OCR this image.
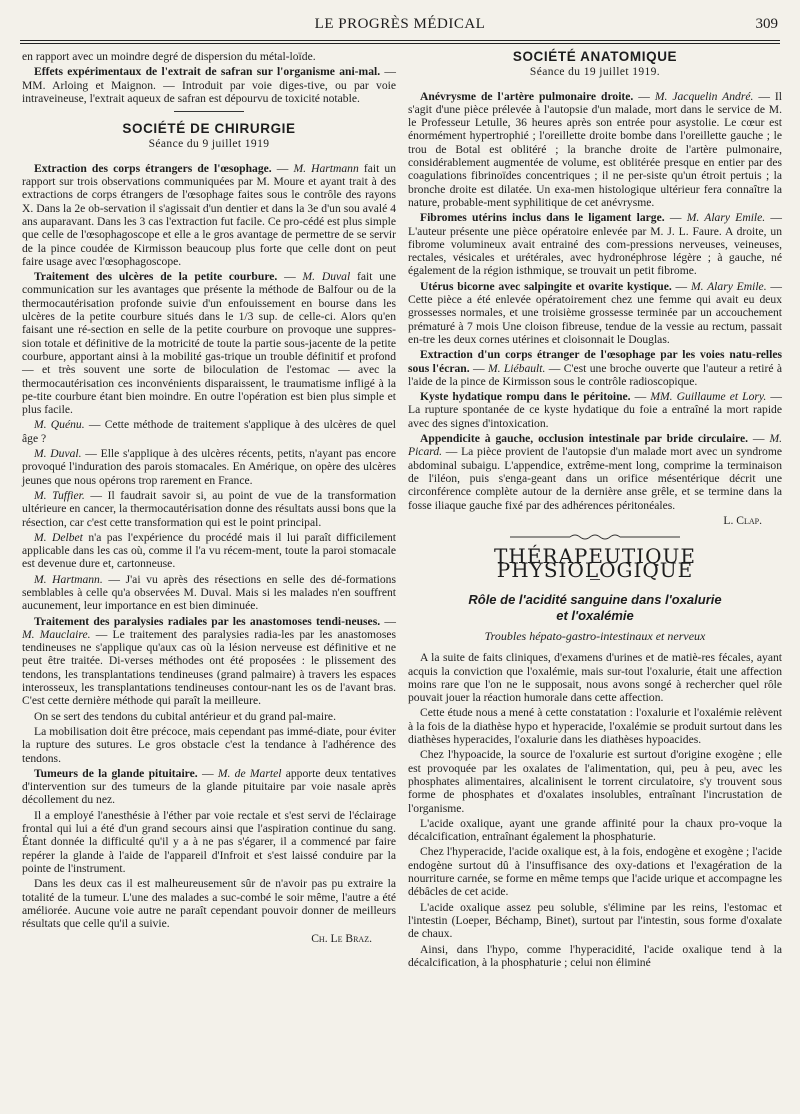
LE PROGRÈS MÉDICAL	309

en rapport avec un moindre degré de dispersion du métal-loïde.

Effets expérimentaux de l'extrait de safran sur l'organisme ani-mal. — MM. Arloing et Maignon. — Introduit par voie diges-tive, ou par voie intraveineuse, l'extrait aqueux de safran est dépourvu de toxicité notable.

SOCIÉTÉ DE CHIRURGIE
Séance du 9 juillet 1919

Extraction des corps étrangers de l'œsophage. — M. Hartmann fait un rapport sur trois observations communiquées par M. Moure et ayant trait à des extractions de corps étrangers de l'œsophage faites sous le contrôle des rayons X. Dans la 2e ob-servation il s'agissait d'un dentier et dans la 3e d'un sou avalé 4 ans auparavant. Dans les 3 cas l'extraction fut facile. Ce pro-cédé est plus simple que celle de l'œsophagoscope et elle a le gros avantage de permettre de se servir de la pince coudée de Kirmisson beaucoup plus forte que celle dont on peut faire usage avec l'œsophagoscope.

Traitement des ulcères de la petite courbure. — M. Duval fait une communication sur les avantages que présente la méthode de Balfour ou de la thermocautérisation profonde suivie d'un enfouissement en bourse dans les ulcères de la petite courbure situés dans le 1/3 sup. de celle-ci. Alors qu'en faisant une ré-section en selle de la petite courbure on provoque une suppres-sion totale et définitive de la motricité de toute la partie sous-jacente de la petite courbure, apportant ainsi à la mobilité gas-trique un trouble définitif et profond — et très souvent une sorte de biloculation de l'estomac — avec la thermocautérisation ces inconvénients disparaissent, le traumatisme infligé à la pe-tite courbure étant bien moindre. En outre l'opération est bien plus simple et plus facile.

M. Quénu. — Cette méthode de traitement s'applique à des ulcères de quel âge ?

M. Duval. — Elle s'applique à des ulcères récents, petits, n'ayant pas encore provoqué l'induration des parois stomacales. En Amérique, on opère des ulcères jeunes que nous opérons trop rarement en France.

M. Tuffier. — Il faudrait savoir si, au point de vue de la transformation ultérieure en cancer, la thermocautérisation donne des résultats aussi bons que la résection, car c'est cette transformation qui est le point principal.

M. Delbet n'a pas l'expérience du procédé mais il lui paraît difficilement applicable dans les cas où, comme il l'a vu récem-ment, toute la paroi stomacale est devenue dure et, cartonneuse.

M. Hartmann. — J'ai vu après des résections en selle des dé-formations semblables à celle qu'a observées M. Duval. Mais si les malades n'en souffrent aucunement, leur importance en est bien diminuée.

Traitement des paralysies radiales par les anastomoses tendi-neuses. — M. Mauclaire. — Le traitement des paralysies radia-les par les anastomoses tendineuses ne s'applique qu'aux cas où la lésion nerveuse est définitive et ne peut être traitée. Di-verses méthodes ont été proposées : le plissement des tendons, les transplantations tendineuses (grand palmaire) à travers les espaces interosseux, les transplantations tendineuses contour-nant les os de l'avant bras. C'est cette dernière méthode qui paraît la meilleure.

On se sert des tendons du cubital antérieur et du grand pal-maire.

La mobilisation doit être précoce, mais cependant pas immé-diate, pour éviter la rupture des sutures. Le gros obstacle c'est la tendance à l'adhérence des tendons.

Tumeurs de la glande pituitaire. — M. de Martel apporte deux tentatives d'intervention sur des tumeurs de la glande pituitaire par voie nasale après décollement du nez.

Il a employé l'anesthésie à l'éther par voie rectale et s'est servi de l'éclairage frontal qui lui a été d'un grand secours ainsi que l'aspiration continue du sang. Étant donnée la difficulté qu'il y a à ne pas s'égarer, il a commencé par faire repérer la glande à l'aide de l'appareil d'Infroit et s'est laissé conduire par la pointe de l'instrument.

Dans les deux cas il est malheureusement sûr de n'avoir pas pu extraire la totalité de la tumeur. L'une des malades a suc-combé le soir même, l'autre a été améliorée. Aucune voie autre ne paraît cependant pouvoir donner de meilleurs résultats que celle qu'il a suivie.

Ch. Le Braz.
SOCIÉTÉ ANATOMIQUE
Séance du 19 juillet 1919.

Anévrysme de l'artère pulmonaire droite. — M. Jacquelin André. — Il s'agit d'une pièce prélevée à l'autopsie d'un malade, mort dans le service de M. le Professeur Letulle, 36 heures après son entrée pour asystolie. Le cœur est énormément hypertrophié ; l'oreillette droite bombe dans l'oreillette gauche ; le trou de Botal est oblitéré ; la branche droite de l'artère pulmonaire, considérablement augmentée de volume, est oblitérée presque en entier par des coagulations fibrinoïdes concentriques ; il ne per-siste qu'un étroit pertuis ; la bronche droite est dilatée. Un exa-men histologique ultérieur fera connaître la nature, probable-ment syphilitique de cet anévrysme.

Fibromes utérins inclus dans le ligament large. — M. Alary Emile. — L'auteur présente une pièce opératoire enlevée par M. J. L. Faure. A droite, un fibrome volumineux avait entrainé des com-pressions nerveuses, veineuses, rectales, vésicales et urétérales, avec hydronéphrose légère ; à gauche, né également de la région isthmique, se trouvait un petit fibrome.

Utérus bicorne avec salpingite et ovarite kystique. — M. Alary Emile. — Cette pièce a été enlevée opératoirement chez une femme qui avait eu deux grossesses normales, et une troisième grossesse terminée par un accouchement prématuré à 7 mois Une cloison fibreuse, tendue de la vessie au rectum, passait en-tre les deux cornes utérines et cloisonnait le Douglas.

Extraction d'un corps étranger de l'œsophage par les voies natu-relles sous l'écran. — M. Liébault. — C'est une broche ouverte que l'auteur a retiré à l'aide de la pince de Kirmisson sous le contrôle radioscopique.

Kyste hydatique rompu dans le péritoine. — MM. Guillaume et Lory. — La rupture spontanée de ce kyste hydatique du foie a entraîné la mort rapide avec des signes d'intoxication.

Appendicite à gauche, occlusion intestinale par bride circulaire. — M. Picard. — La pièce provient de l'autopsie d'un malade mort avec un syndrome abdominal subaigu. L'appendice, extrême-ment long, comprime la terminaison de l'iléon, puis s'enga-geant dans un orifice mésentérique décrit une circonférence complète autour de la dernière anse grêle, et se termine dans la fosse iliaque gauche fixé par des adhérences péritonéales.

L. Clap.
THÉRAPEUTIQUE PHYSIOLOGIQUE
Rôle de l'acidité sanguine dans l'oxalurie
et l'oxalémie
Troubles hépato-gastro-intestinaux et nerveux

A la suite de faits cliniques, d'examens d'urines et de matiè-res fécales, ayant acquis la conviction que l'oxalémie, mais sur-tout l'oxalurie, était une affection moins rare que l'on ne le supposait, nous avons songé à rechercher quel rôle pouvait jouer la réaction humorale dans cette affection.

Cette étude nous a mené à cette constatation : l'oxalurie et l'oxalémie relèvent à la fois de la diathèse hypo et hyperacide, l'oxalémie se produit surtout dans les diathèses hyperacides, l'oxalurie dans les diathèses hypoacides.

Chez l'hypoacide, la source de l'oxalurie est surtout d'origine exogène ; elle est provoquée par les oxalates de l'alimentation, qui, peu à peu, avec les phosphates alimentaires, alcalinisent le torrent circulatoire, s'y trouvent sous forme de phosphates et d'oxalates insolubles, entraînant l'incrustation de l'organisme.

L'acide oxalique, ayant une grande affinité pour la chaux pro-voque la décalcification, entraînant également la phosphaturie.

Chez l'hyperacide, l'acide oxalique est, à la fois, endogène et exogène ; l'acide endogène surtout dû à l'insuffisance des oxy-dations et l'exagération de la nourriture carnée, se forme en même temps que l'acide urique et accompagne les débâcles de cet acide.

L'acide oxalique assez peu soluble, s'élimine par les reins, l'estomac et l'intestin (Loeper, Béchamp, Binet), surtout par l'intestin, sous forme d'oxalate de chaux.

Ainsi, dans l'hypo, comme l'hyperacidité, l'acide oxalique tend à la décalcification, à la phosphaturie ; celui non éliminé
